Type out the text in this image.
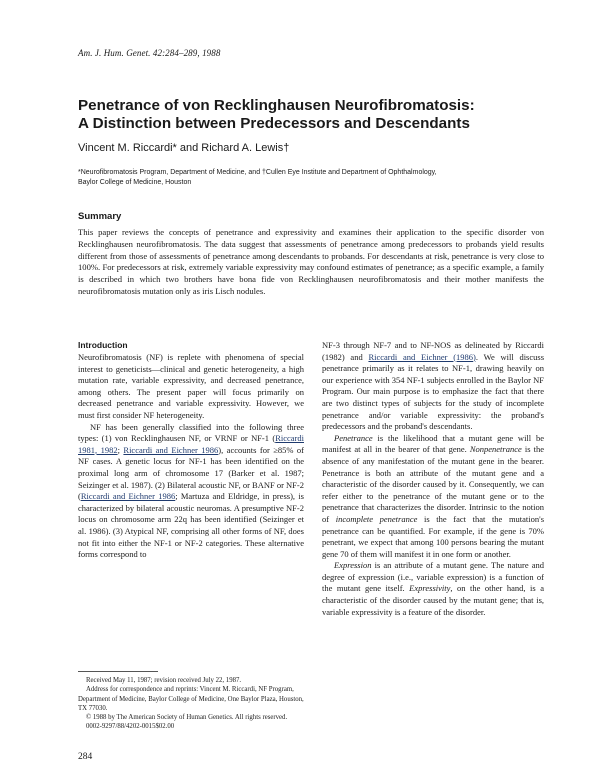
Am. J. Hum. Genet. 42:284–289, 1988
Penetrance of von Recklinghausen Neurofibromatosis:
A Distinction between Predecessors and Descendants
Vincent M. Riccardi* and Richard A. Lewis†
*Neurofibromatosis Program, Department of Medicine, and †Cullen Eye Institute and Department of Ophthalmology,
Baylor College of Medicine, Houston
Summary
This paper reviews the concepts of penetrance and expressivity and examines their application to the specific disorder von Recklinghausen neurofibromatosis. The data suggest that assessments of penetrance among predecessors to probands yield results different from those of assessments of penetrance among descendants to probands. For descendants at risk, penetrance is very close to 100%. For predecessors at risk, extremely variable expressivity may confound estimates of penetrance; as a specific example, a family is described in which two brothers have bona fide von Recklinghausen neurofibromatosis and their mother manifests the neurofibromatosis mutation only as iris Lisch nodules.
Introduction

Neurofibromatosis (NF) is replete with phenomena of special interest to geneticists—clinical and genetic heterogeneity, a high mutation rate, variable expressivity, and decreased penetrance, among others. The present paper will focus primarily on decreased penetrance and variable expressivity. However, we must first consider NF heterogeneity.

NF has been generally classified into the following three types: (1) von Recklinghausen NF, or VRNF or NF-1 (Riccardi 1981, 1982; Riccardi and Eichner 1986), accounts for ≥85% of NF cases. A genetic locus for NF-1 has been identified on the proximal long arm of chromosome 17 (Barker et al. 1987; Seizinger et al. 1987). (2) Bilateral acoustic NF, or BANF or NF-2 (Riccardi and Eichner 1986; Martuza and Eldridge, in press), is characterized by bilateral acoustic neuromas. A presumptive NF-2 locus on chromosome arm 22q has been identified (Seizinger et al. 1986). (3) Atypical NF, comprising all other forms of NF, does not fit into either the NF-1 or NF-2 categories. These alternative forms correspond to

NF-3 through NF-7 and to NF-NOS as delineated by Riccardi (1982) and Riccardi and Eichner (1986). We will discuss penetrance primarily as it relates to NF-1, drawing heavily on our experience with 354 NF-1 subjects enrolled in the Baylor NF Program. Our main purpose is to emphasize the fact that there are two distinct types of subjects for the study of incomplete penetrance and/or variable expressivity: the proband's predecessors and the proband's descendants.

Penetrance is the likelihood that a mutant gene will be manifest at all in the bearer of that gene. Nonpenetrance is the absence of any manifestation of the mutant gene in the bearer. Penetrance is both an attribute of the mutant gene and a characteristic of the disorder caused by it. Consequently, we can refer either to the penetrance of the mutant gene or to the penetrance that characterizes the disorder. Intrinsic to the notion of incomplete penetrance is the fact that the mutation's penetrance can be quantified. For example, if the gene is 70% penetrant, we expect that among 100 persons bearing the mutant gene 70 of them will manifest it in one form or another.

Expression is an attribute of a mutant gene. The nature and degree of expression (i.e., variable expression) is a function of the mutant gene itself. Expressivity, on the other hand, is a characteristic of the disorder caused by the mutant gene; that is, variable expressivity is a feature of the disorder.

Received May 11, 1987; revision received July 22, 1987.

Address for correspondence and reprints: Vincent M. Riccardi, NF Program, Department of Medicine, Baylor College of Medicine, One Baylor Plaza, Houston, TX 77030.

© 1988 by The American Society of Human Genetics. All rights reserved.

0002-9297/88/4202-0015$02.00

284
